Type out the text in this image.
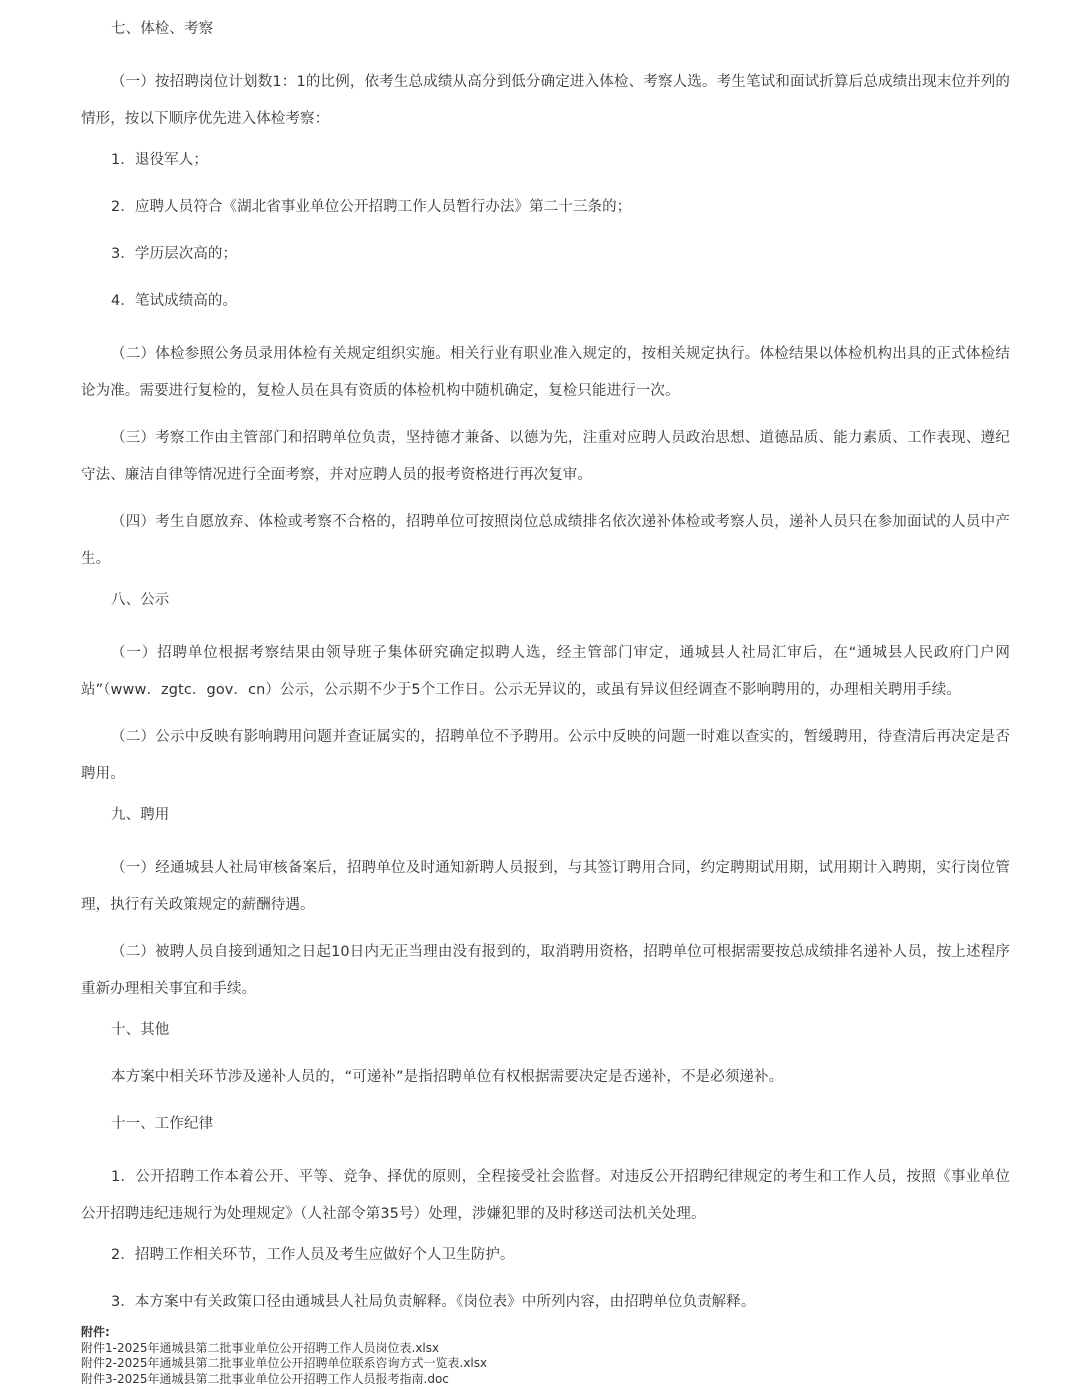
七、体检、考察

（一）按招聘岗位计划数1：1的比例，依考生总成绩从高分到低分确定进入体检、考察人选。考生笔试和面试折算后总成绩出现末位并列的情形，按以下顺序优先进入体检考察：

1．退役军人；

2．应聘人员符合《湖北省事业单位公开招聘工作人员暂行办法》第二十三条的；

3．学历层次高的；

4．笔试成绩高的。

（二）体检参照公务员录用体检有关规定组织实施。相关行业有职业准入规定的，按相关规定执行。体检结果以体检机构出具的正式体检结论为准。需要进行复检的，复检人员在具有资质的体检机构中随机确定，复检只能进行一次。

（三）考察工作由主管部门和招聘单位负责，坚持德才兼备、以德为先，注重对应聘人员政治思想、道德品质、能力素质、工作表现、遵纪守法、廉洁自律等情况进行全面考察，并对应聘人员的报考资格进行再次复审。

（四）考生自愿放弃、体检或考察不合格的，招聘单位可按照岗位总成绩排名依次递补体检或考察人员，递补人员只在参加面试的人员中产生。

八、公示

（一）招聘单位根据考察结果由领导班子集体研究确定拟聘人选，经主管部门审定，通城县人社局汇审后，在“通城县人民政府门户网站”（www．zgtc．gov．cn）公示，公示期不少于5个工作日。公示无异议的，或虽有异议但经调查不影响聘用的，办理相关聘用手续。

（二）公示中反映有影响聘用问题并查证属实的，招聘单位不予聘用。公示中反映的问题一时难以查实的，暂缓聘用，待查清后再决定是否聘用。

九、聘用

（一）经通城县人社局审核备案后，招聘单位及时通知新聘人员报到，与其签订聘用合同，约定聘期试用期，试用期计入聘期，实行岗位管理，执行有关政策规定的薪酬待遇。

（二）被聘人员自接到通知之日起10日内无正当理由没有报到的，取消聘用资格，招聘单位可根据需要按总成绩排名递补人员，按上述程序重新办理相关事宜和手续。

十、其他

本方案中相关环节涉及递补人员的，“可递补”是指招聘单位有权根据需要决定是否递补，不是必须递补。

十一、工作纪律

1．公开招聘工作本着公开、平等、竞争、择优的原则，全程接受社会监督。对违反公开招聘纪律规定的考生和工作人员，按照《事业单位公开招聘违纪违规行为处理规定》（人社部令第35号）处理，涉嫌犯罪的及时移送司法机关处理。

2．招聘工作相关环节，工作人员及考生应做好个人卫生防护。

3．本方案中有关政策口径由通城县人社局负责解释。《岗位表》中所列内容，由招聘单位负责解释。

附件:
附件1-2025年通城县第二批事业单位公开招聘工作人员岗位表.xlsx
附件2-2025年通城县第二批事业单位公开招聘单位联系咨询方式一览表.xlsx
附件3-2025年通城县第二批事业单位公开招聘工作人员报考指南.doc
